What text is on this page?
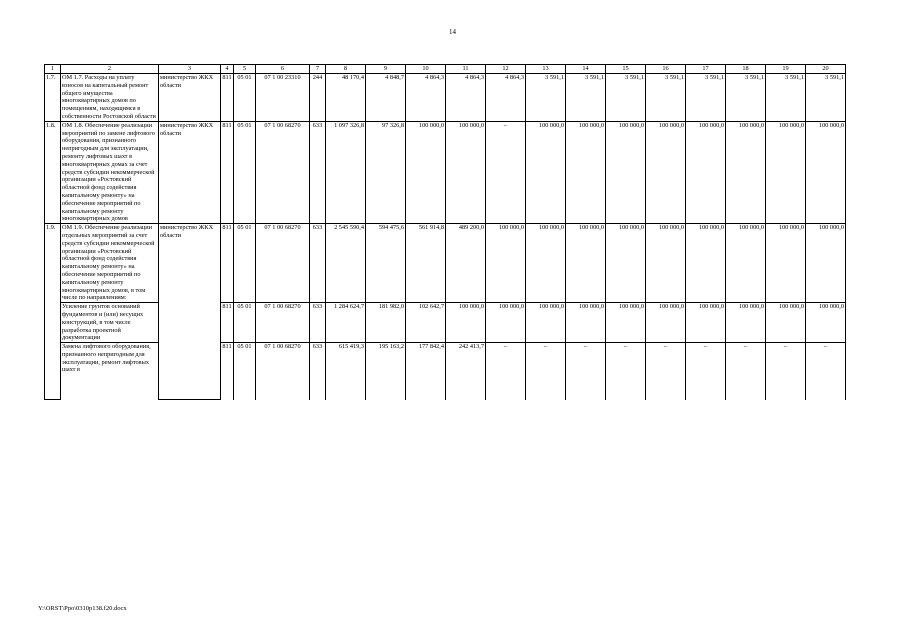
14
1	2	3	4	5	6	7	8	9	10	11	12	13	14	15	16	17	18	19	20
1.7.	ОМ 1.7. Расходы на уплату взносов на капитальный ремонт общего имущества многоквартирных домов по помещениям, находящимся в собственности Ростовской области	министерство ЖКХ области	811	05 01	07 1 00 23310	244	48 170,4	4 848,7	4 864,3	4 864,3	4 864,3	3 591,1	3 591,1	3 591,1	3 591,1	3 591,1	3 591,1	3 591,1	3 591,1
1.8.	ОМ 1.8. Обеспечение реализации мероприятий по замене лифтового оборудования, признанного непригодным для эксплуатации, ремонту лифтовых шахт в многоквартирных домах за счет средств субсидии некоммерческой организации «Ростовский областной фонд содействия капитальному ремонту» на обеспечение мероприятий по капитальному ремонту многоквартирных домов	министерство ЖКХ области	811	05 01	07 1 00 68270	633	1 097 326,8	97 326,8	100 000,0	100 000,0	–	100 000,0	100 000,0	100 000,0	100 000,0	100 000,0	100 000,0	100 000,0	100 000,0
1.9.	ОМ 1.9. Обеспечение реализации отдельных мероприятий за счет средств субсидии некоммерческой организации «Ростовский областной фонд содействия капитальному ремонту» на обеспечение мероприятий по капитальному ремонту многоквартирных домов, в том числе по направлениям:	министерство ЖКХ области	811	05 01	07 1 00 68270	633	2 545 590,4	594 475,6	561 914,8	489 200,0	100 000,0	100 000,0	100 000,0	100 000,0	100 000,0	100 000,0	100 000,0	100 000,0	100 000,0
	Усиление грунтов оснований фундаментов и (или) несущих конструкций, в том числе разработка проектной документации		811	05 01	07 1 00 68270	633	1 284 624,7	181 982,0	102 642,7	100 000,0	100 000,0	100 000,0	100 000,0	100 000,0	100 000,0	100 000,0	100 000,0	100 000,0	100 000,0
	Замена лифтового оборудования, признанного непригодным для эксплуатации, ремонт лифтовых шахт в		811	05 01	07 1 00 68270	633	615 419,3	195 163,2	177 842,4	242 413,7	–	–	–	–	–	–	–	–	–
Y:\ORST\Ppo\0310p138.f20.docx
